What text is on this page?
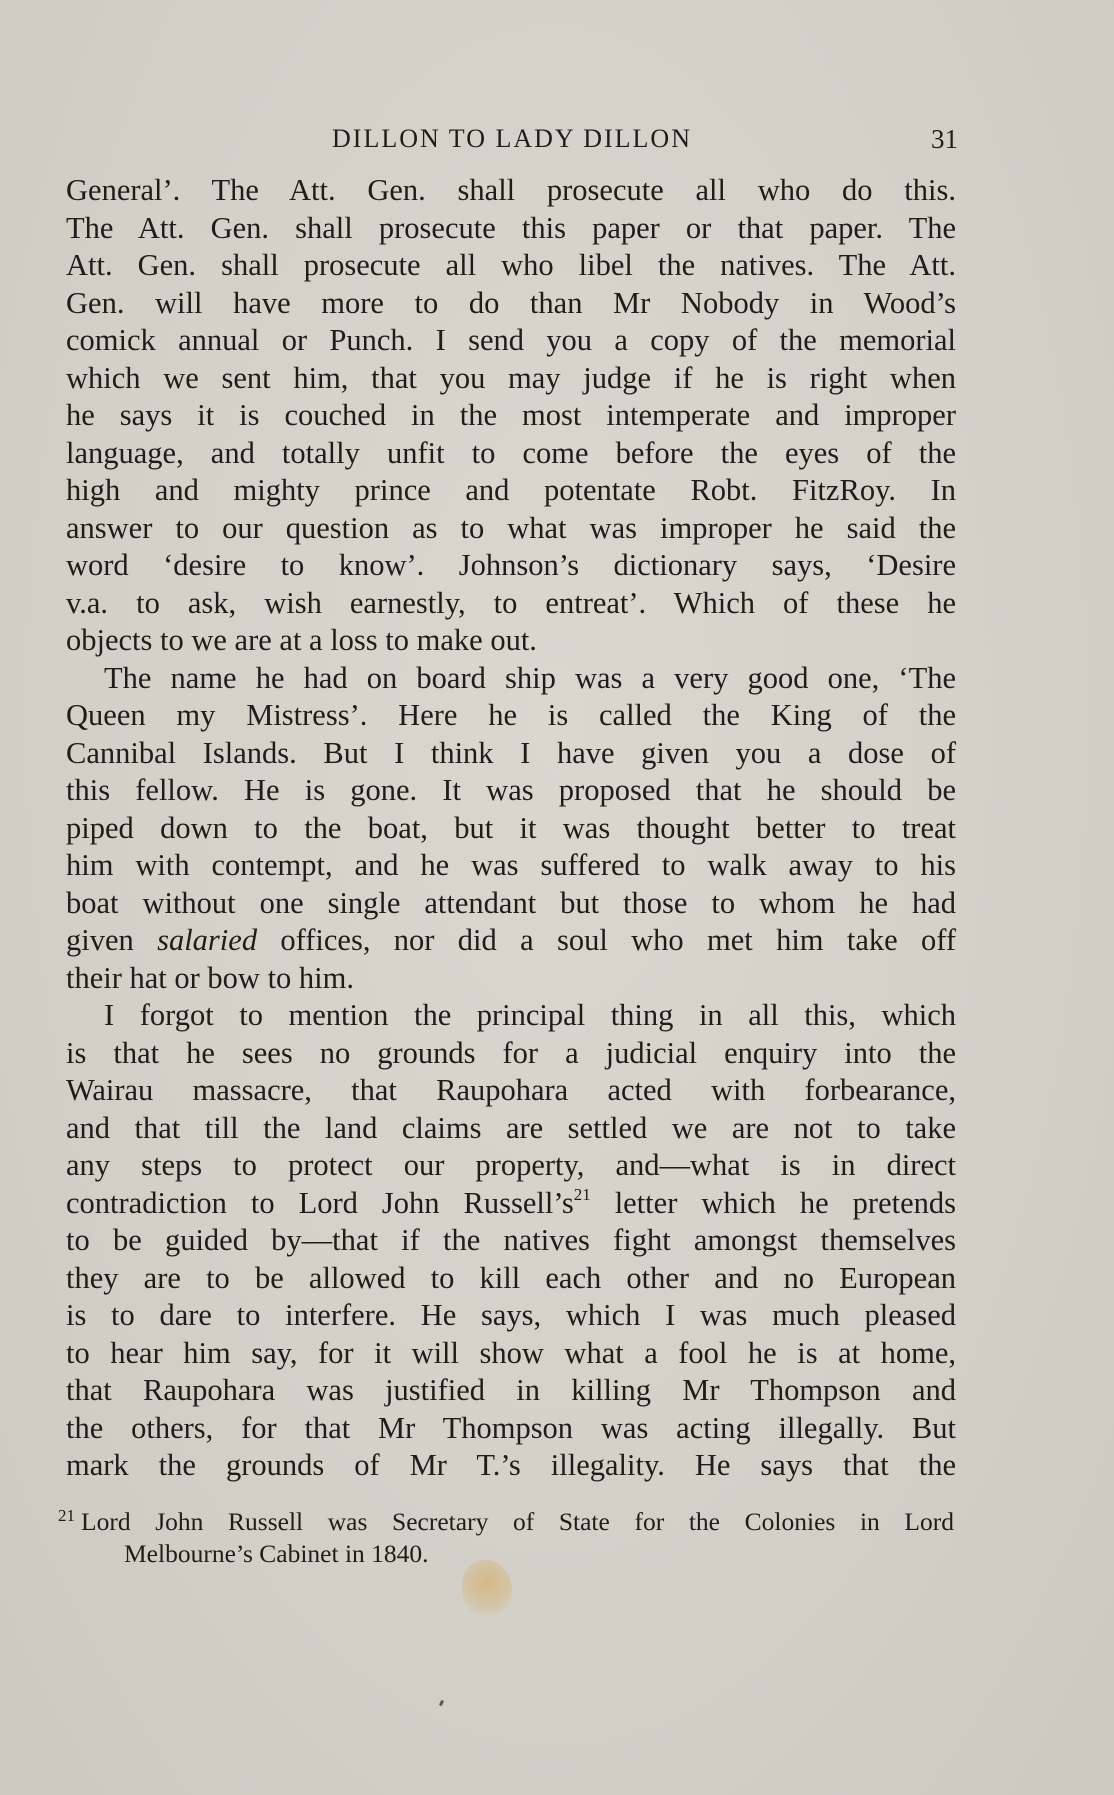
DILLON TO LADY DILLON	31
General’. The Att. Gen. shall prosecute all who do this.
The Att. Gen. shall prosecute this paper or that paper. The
Att. Gen. shall prosecute all who libel the natives. The Att.
Gen. will have more to do than Mr Nobody in Wood’s
comick annual or Punch. I send you a copy of the memorial
which we sent him, that you may judge if he is right when
he says it is couched in the most intemperate and improper
language, and totally unfit to come before the eyes of the
high and mighty prince and potentate Robt. FitzRoy. In
answer to our question as to what was improper he said the
word ‘desire to know’. Johnson’s dictionary says, ‘Desire
v.a. to ask, wish earnestly, to entreat’. Which of these he
objects to we are at a loss to make out.
The name he had on board ship was a very good one, ‘The
Queen my Mistress’. Here he is called the King of the
Cannibal Islands. But I think I have given you a dose of
this fellow. He is gone. It was proposed that he should be
piped down to the boat, but it was thought better to treat
him with contempt, and he was suffered to walk away to his
boat without one single attendant but those to whom he had
given salaried offices, nor did a soul who met him take off
their hat or bow to him.
I forgot to mention the principal thing in all this, which
is that he sees no grounds for a judicial enquiry into the
Wairau massacre, that Raupohara acted with forbearance,
and that till the land claims are settled we are not to take
any steps to protect our property, and—what is in direct
contradiction to Lord John $Russell’s^{21}$ letter which he pretends
to be guided by—that if the natives fight amongst themselves
they are to be allowed to kill each other and no European
is to dare to interfere. He says, which I was much pleased
to hear him say, for it will show what a fool he is at home,
that Raupohara was justified in killing Mr Thompson and
the others, for that Mr Thompson was acting illegally. But
mark the grounds of Mr T.’s illegality. He says that the
$^{21}$ Lord John Russell was Secretary of State for the Colonies in Lord
Melbourne’s Cabinet in 1840.
